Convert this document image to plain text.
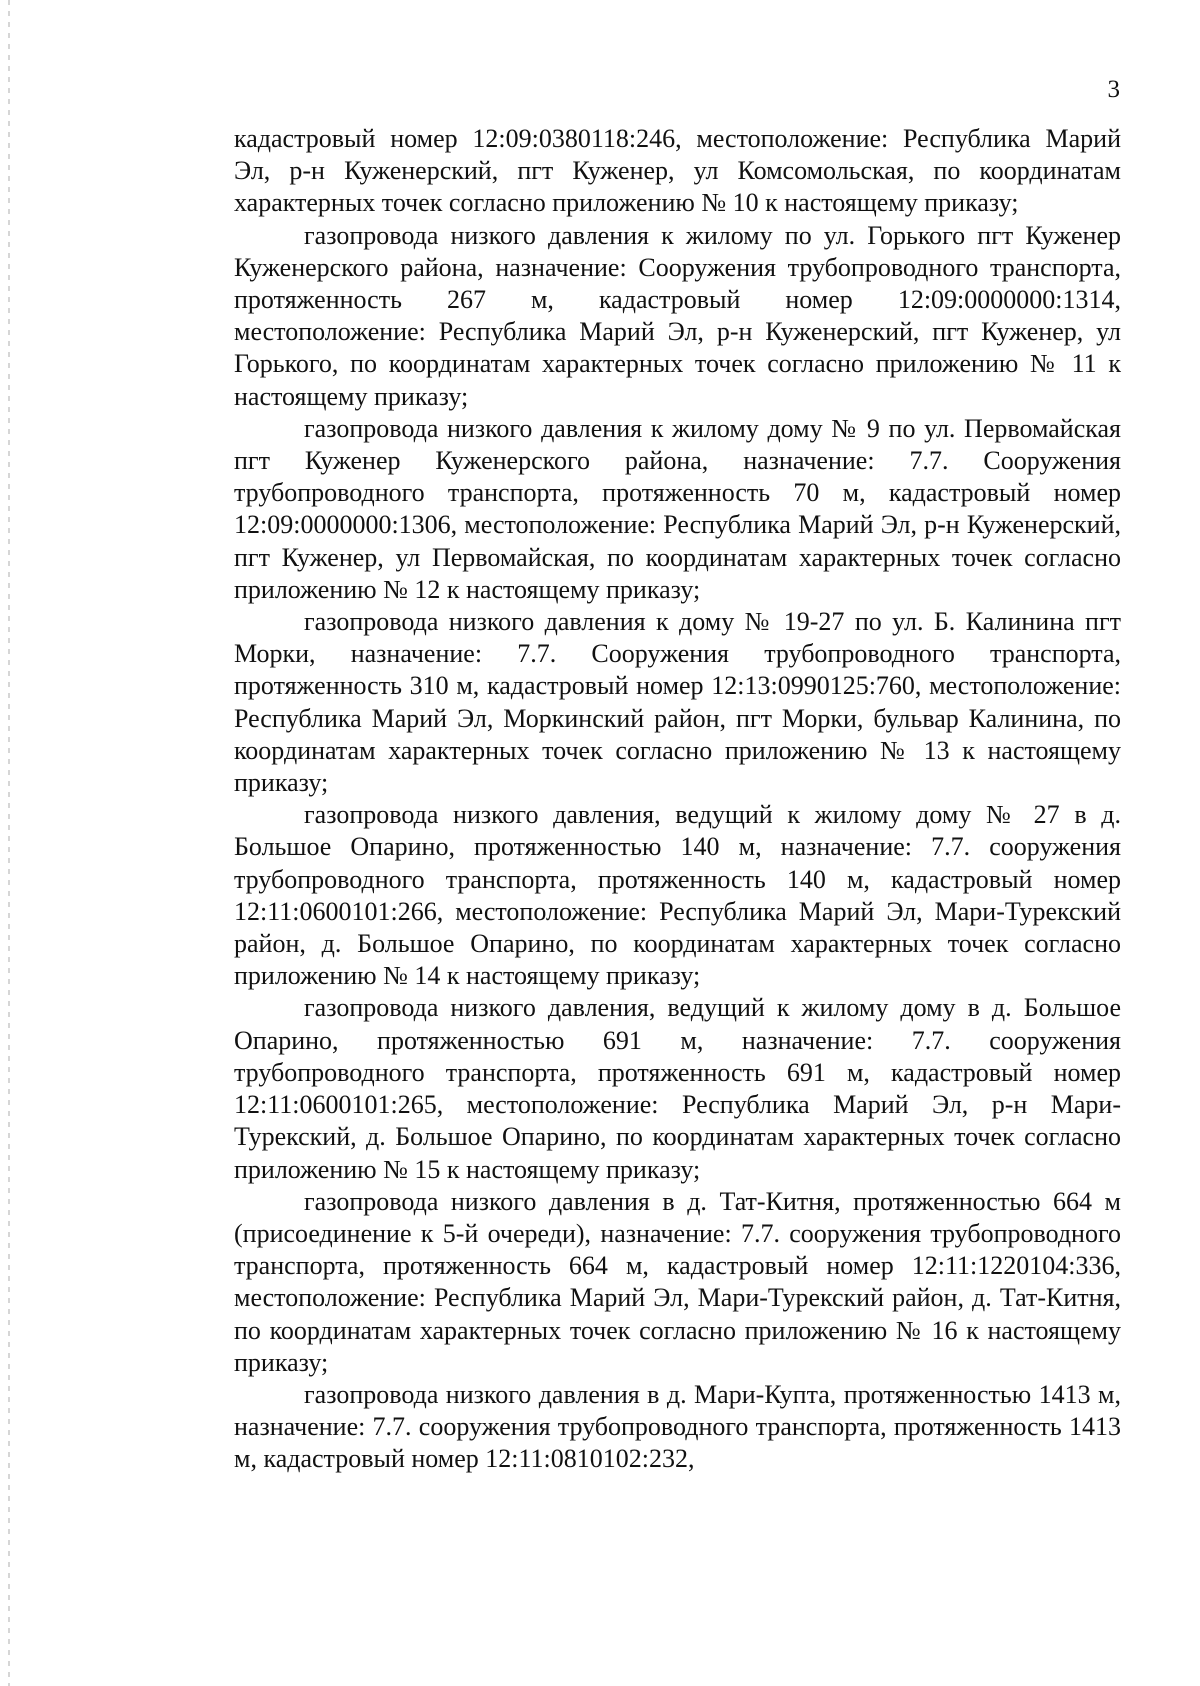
3

кадастровый номер 12:09:0380118:246, местоположение: Республика Марий Эл, р-н Куженерский, пгт Куженер, ул Комсомольская, по координатам характерных точек согласно приложению № 10 к настоящему приказу;

газопровода низкого давления к жилому по ул. Горького пгт Куженер Куженерского района, назначение: Сооружения трубопроводного транспорта, протяженность 267 м, кадастровый номер 12:09:0000000:1314, местоположение: Республика Марий Эл, р-н Куженерский, пгт Куженер, ул Горького, по координатам характерных точек согласно приложению № 11 к настоящему приказу;

газопровода низкого давления к жилому дому № 9 по ул. Первомайская пгт Куженер Куженерского района, назначение: 7.7. Сооружения трубопроводного транспорта, протяженность 70 м, кадастровый номер 12:09:0000000:1306, местоположение: Республика Марий Эл, р-н Куженерский, пгт Куженер, ул Первомайская, по координатам характерных точек согласно приложению № 12 к настоящему приказу;

газопровода низкого давления к дому № 19-27 по ул. Б. Калинина пгт Морки, назначение: 7.7. Сооружения трубопроводного транспорта, протяженность 310 м, кадастровый номер 12:13:0990125:760, местоположение: Республика Марий Эл, Моркинский район, пгт Морки, бульвар Калинина, по координатам характерных точек согласно приложению № 13 к настоящему приказу;

газопровода низкого давления, ведущий к жилому дому № 27 в д. Большое Опарино, протяженностью 140 м, назначение: 7.7. сооружения трубопроводного транспорта, протяженность 140 м, кадастровый номер 12:11:0600101:266, местоположение: Республика Марий Эл, Мари-Турекский район, д. Большое Опарино, по координатам характерных точек согласно приложению № 14 к настоящему приказу;

газопровода низкого давления, ведущий к жилому дому в д. Большое Опарино, протяженностью 691 м, назначение: 7.7. сооружения трубопроводного транспорта, протяженность 691 м, кадастровый номер 12:11:0600101:265, местоположение: Республика Марий Эл, р-н Мари-Турекский, д. Большое Опарино, по координатам характерных точек согласно приложению № 15 к настоящему приказу;

газопровода низкого давления в д. Тат-Китня, протяженностью 664 м (присоединение к 5-й очереди), назначение: 7.7. сооружения трубопроводного транспорта, протяженность 664 м, кадастровый номер 12:11:1220104:336, местоположение: Республика Марий Эл, Мари-Турекский район, д. Тат-Китня, по координатам характерных точек согласно приложению № 16 к настоящему приказу;

газопровода низкого давления в д. Мари-Купта, протяженностью 1413 м, назначение: 7.7. сооружения трубопроводного транспорта, протяженность 1413 м, кадастровый номер 12:11:0810102:232,
